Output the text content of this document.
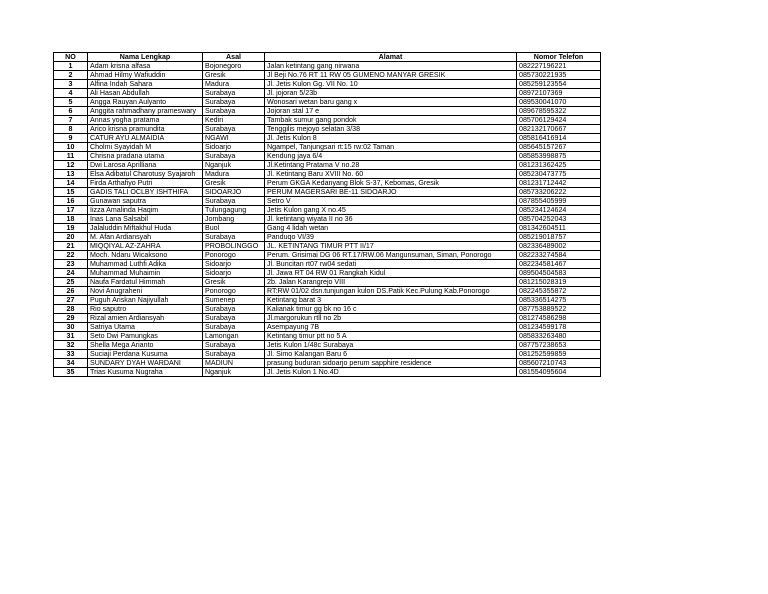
NO	Nama Lengkap	Asal	Alamat	Nomor Telefon
1	Adam krisna alfasa	Bojonegoro	Jalan ketintang gang nirwana	082227196221
2	Ahmad Hilmy Wafiuddin	Gresik	Jl Beji No.76 RT 11 RW 05 GUMENO MANYAR GRESIK	085730221935
3	Alfina Indah Sahara	Madura	Jl. Jetis Kulon Gg. VII No. 10	085259123554
4	Ali Hasan Abdullah	Surabaya	Jl. jojoran 5/23b	08972107369
5	Angga Rauyan Aulyanto	Surabaya	Wonosari wetan baru gang x	089530041070
6	Anggita rahmadhany prameswary	Surabaya	Jojoran stal 17 e	089678595322
7	Annas yogha pratama	Kediri	Tambak sumur gang pondok	085706129424
8	Arico krisna pramundita	Surabaya	Tenggilis mejoyo selatan 3/38	082132170667
9	CATUR AYU ALMAIDIA	NGAWI	Jl. Jetis Kulon 8	085816416914
10	Cholmi Syayidah M	Sidoarjo	Ngampel, Tanjungsari rt:15 rw:02 Taman	085645157267
11	Chrisna pradana utama	Surabaya	Kendung jaya 6/4	085853998875
12	Dwi Larosa Aprilliana	Nganjuk	Jl.Ketintang Pratama V no.28	081231362425
13	Elsa Adibatul Charotusy Syajaroh	Madura	Jl. Ketintang Baru XVIII No. 60	085230473775
14	Firda Arthafiyo Putri	Gresik	Perum GKGA Kedanyang Blok S-37, Kebomas, Gresik	081231712442
15	GADIS TALI OCLBY ISHTHIFA	SIDOARJO	PERUM MAGERSARI BE-11 SIDOARJO	085733206222
16	Gunawan saputra	Surabaya	Setro V	087855405999
17	Iizza Amalinda Haqim	Tulungagung	Jetis Kulon gang X no.45	085234124624
18	Inas Lana Salsabil	Jombang	Jl. ketintang wiyata II no 36	085704252043
19	Jalaluddin Miftakhul Huda	Buol	Gang 4 lidah wetan	081342604511
20	M. Afan Ardiansyah	Surabaya	Panduqo VI/39	085219018757
21	MIQQIYAL AZ-ZAHRA	PROBOLINGGO	JL. KETINTANG TIMUR PTT II/17	082336489002
22	Moch. Ndaru Wicaksono	Ponorogo	Perum. Grisimai DG 06 RT.17/RW.06 Mangunsuman, Siman, Ponorogo	082233274584
23	Muhammad Luthfi Adika	Sidoarjo	Jl. Buncitan rt07 rw04 sedati	082234581467
24	Muhammad Muhaimin	Sidoarjo	Jl. Jawa RT 04 RW 01 Rangkah Kidul	089504504583
25	Naufa Fardatul Himmah	Gresik	2b. Jalan Karangrejo VIII	081215028319
26	Novi Anugraheni	Ponorogo	RT:RW 01/02 dsn.tunjungan kulon DS.Patik Kec.Pulung Kab.Ponorogo	082245355872
27	Puguh Ariskan Najiyullah	Sumenep	Ketintang barat 3	085336514275
28	Rio saputro	Surabaya	Kalianak timur gg bk no 16 c	087753889522
29	Rizal amien Ardiansyah	Surabaya	Jl.margorukun rtll no 2b	081274586298
30	Satriya Utama	Surabaya	Asempayung 7B	081234599178
31	Seto Dwi Pamungkas	Lamongan	Ketintang timur ptt no 5 A	085833263480
32	Shella Mega Arianto	Surabaya	Jetis Kulon 1/48c Surabaya	087757238653
33	Suciaji Perdana Kusuma	Surabaya	Jl. Simo Kalangan Baru 6	081252599859
34	SUNDARY DYAH WARDANI	MADIUN	prasung buduran sidoarjo perum sapphire residence	085607210743
35	Trias Kusuma Nugraha	Nganjuk	Jl. Jetis Kulon 1 No.4D	081554095604
